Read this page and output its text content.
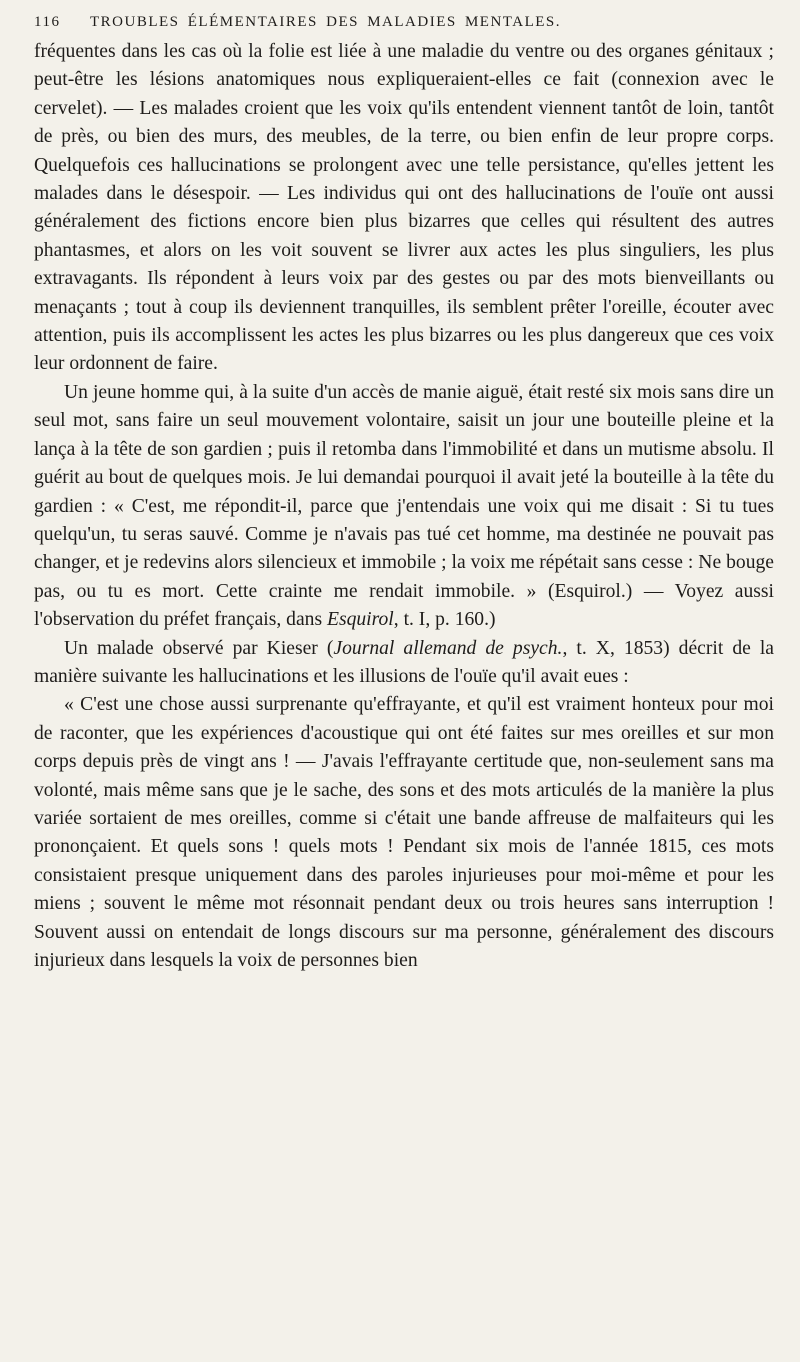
116 TROUBLES ÉLÉMENTAIRES DES MALADIES MENTALES.

fréquentes dans les cas où la folie est liée à une maladie du ventre ou des organes génitaux ; peut-être les lésions anatomiques nous expliqueraient-elles ce fait (connexion avec le cervelet). — Les malades croient que les voix qu'ils entendent viennent tantôt de loin, tantôt de près, ou bien des murs, des meubles, de la terre, ou bien enfin de leur propre corps. Quelquefois ces hallucinations se prolongent avec une telle persistance, qu'elles jettent les malades dans le désespoir. — Les individus qui ont des hallucinations de l'ouïe ont aussi généralement des fictions encore bien plus bizarres que celles qui résultent des autres phantasmes, et alors on les voit souvent se livrer aux actes les plus singuliers, les plus extravagants. Ils répondent à leurs voix par des gestes ou par des mots bienveillants ou menaçants ; tout à coup ils deviennent tranquilles, ils semblent prêter l'oreille, écouter avec attention, puis ils accomplissent les actes les plus bizarres ou les plus dangereux que ces voix leur ordonnent de faire.

Un jeune homme qui, à la suite d'un accès de manie aiguë, était resté six mois sans dire un seul mot, sans faire un seul mouvement volontaire, saisit un jour une bouteille pleine et la lança à la tête de son gardien ; puis il retomba dans l'immobilité et dans un mutisme absolu. Il guérit au bout de quelques mois. Je lui demandai pourquoi il avait jeté la bouteille à la tête du gardien : « C'est, me répondit-il, parce que j'entendais une voix qui me disait : Si tu tues quelqu'un, tu seras sauvé. Comme je n'avais pas tué cet homme, ma destinée ne pouvait pas changer, et je redevins alors silencieux et immobile ; la voix me répétait sans cesse : Ne bouge pas, ou tu es mort. Cette crainte me rendait immobile. » (Esquirol.) — Voyez aussi l'observation du préfet français, dans Esquirol, t. I, p. 160.)

Un malade observé par Kieser (Journal allemand de psych., t. X, 1853) décrit de la manière suivante les hallucinations et les illusions de l'ouïe qu'il avait eues :

« C'est une chose aussi surprenante qu'effrayante, et qu'il est vraiment honteux pour moi de raconter, que les expériences d'acoustique qui ont été faites sur mes oreilles et sur mon corps depuis près de vingt ans ! — J'avais l'effrayante certitude que, non-seulement sans ma volonté, mais même sans que je le sache, des sons et des mots articulés de la manière la plus variée sortaient de mes oreilles, comme si c'était une bande affreuse de malfaiteurs qui les prononçaient. Et quels sons ! quels mots ! Pendant six mois de l'année 1815, ces mots consistaient presque uniquement dans des paroles injurieuses pour moi-même et pour les miens ; souvent le même mot résonnait pendant deux ou trois heures sans interruption ! Souvent aussi on entendait de longs discours sur ma personne, généralement des discours injurieux dans lesquels la voix de personnes bien
